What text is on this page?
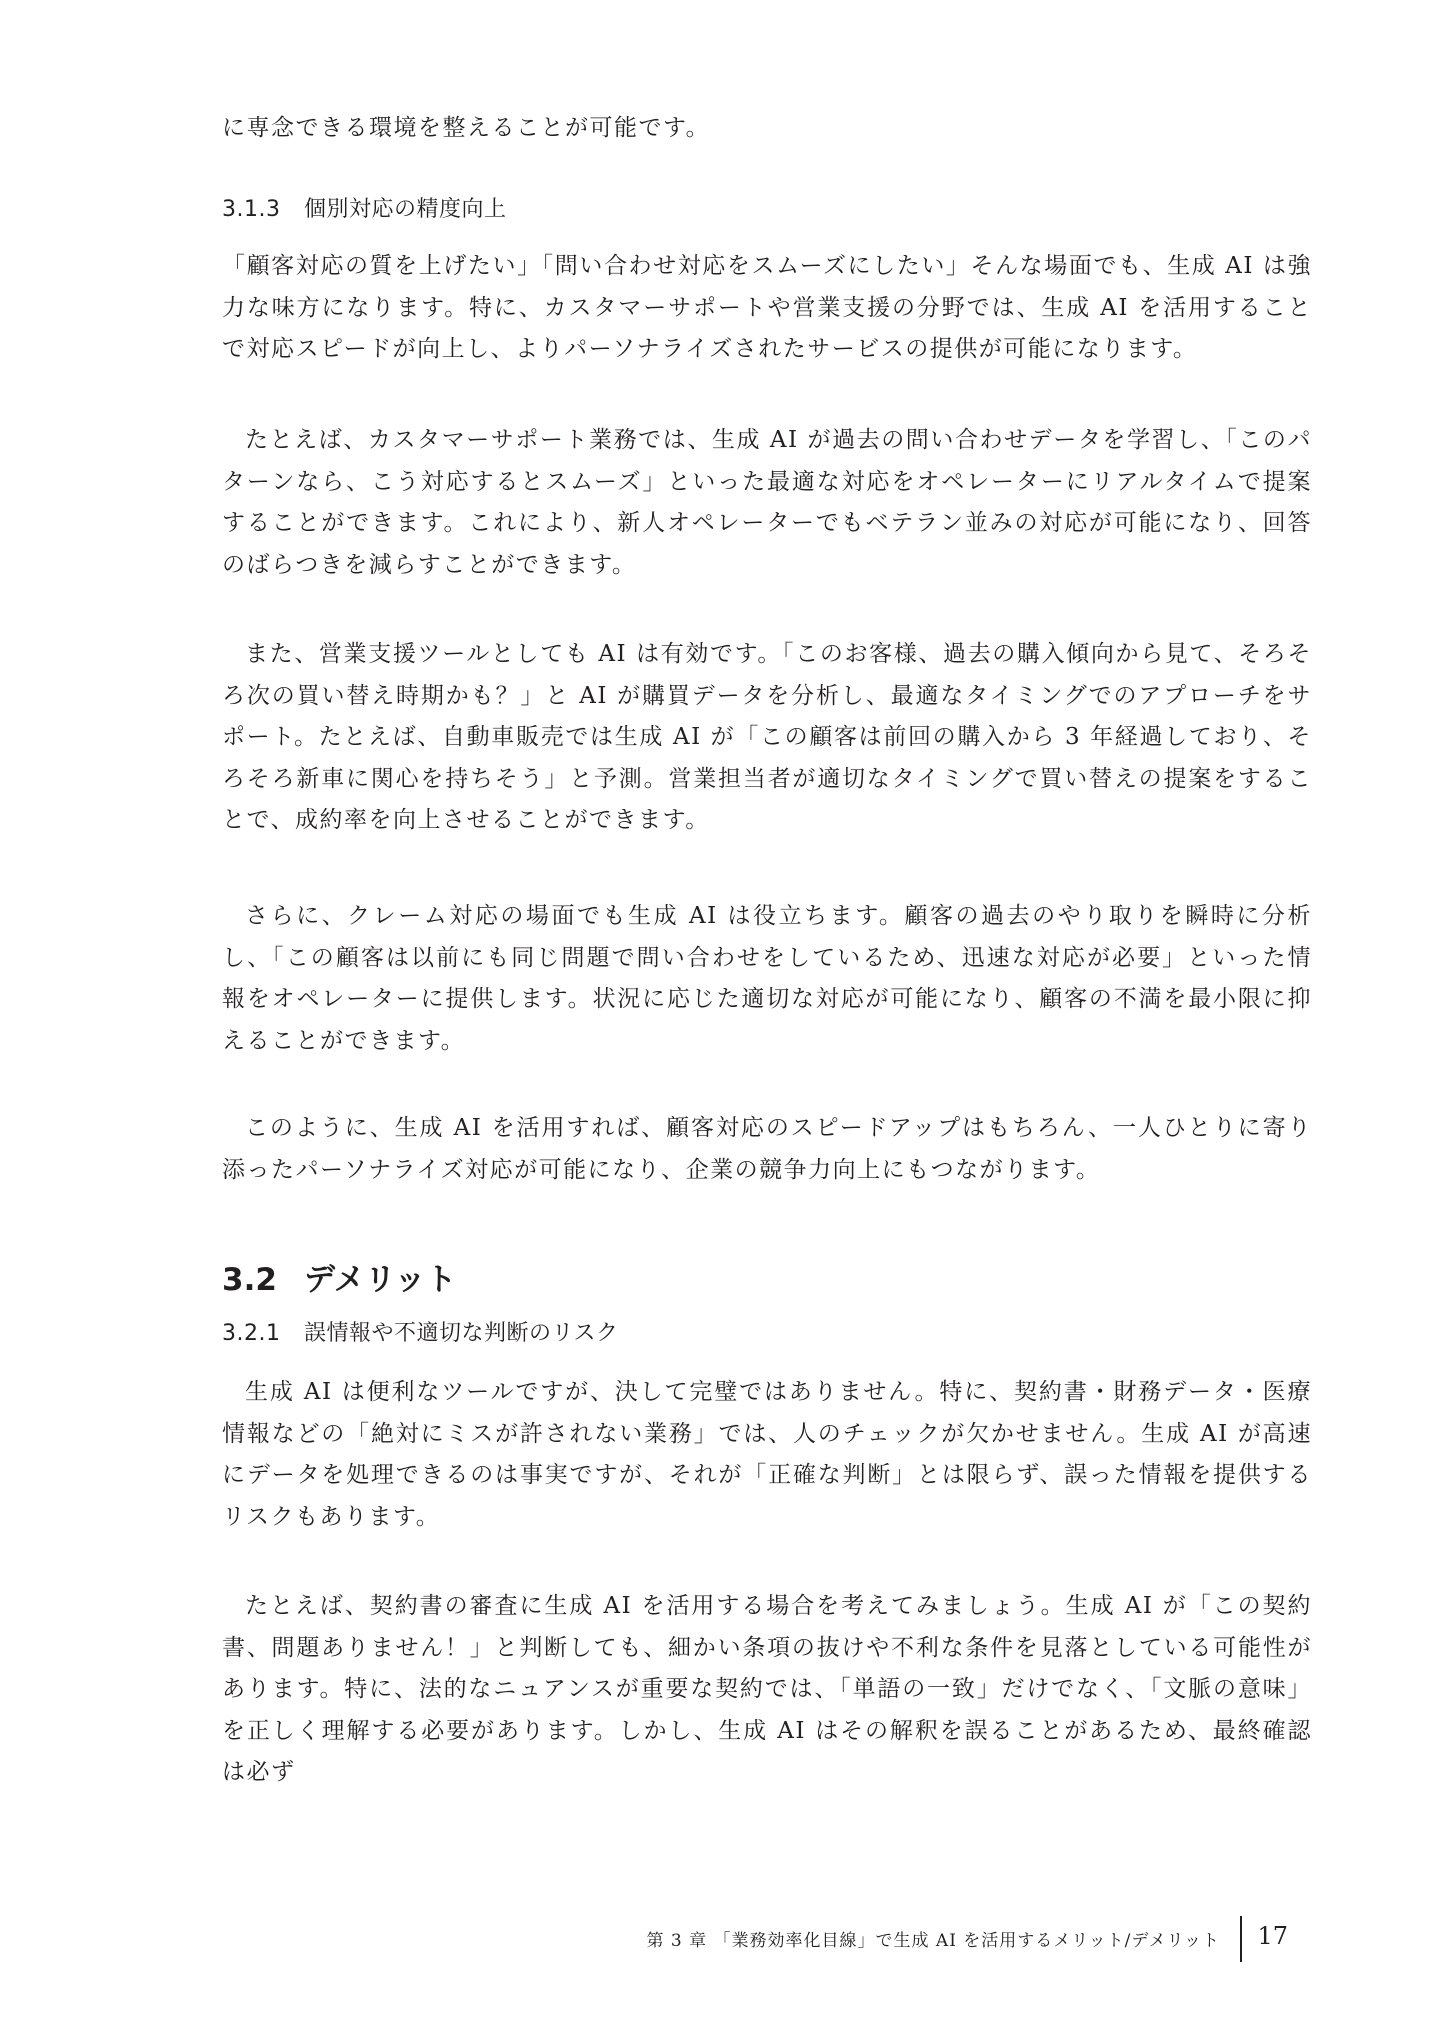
に専念できる環境を整えることが可能です。

3.1.3 個別対応の精度向上

「顧客対応の質を上げたい」「問い合わせ対応をスムーズにしたい」そんな場面でも、生成 AI は強力な味方になります。特に、カスタマーサポートや営業支援の分野では、生成 AI を活用することで対応スピードが向上し、よりパーソナライズされたサービスの提供が可能になります。

たとえば、カスタマーサポート業務では、生成 AI が過去の問い合わせデータを学習し、「このパターンなら、こう対応するとスムーズ」といった最適な対応をオペレーターにリアルタイムで提案することができます。これにより、新人オペレーターでもベテラン並みの対応が可能になり、回答のばらつきを減らすことができます。

また、営業支援ツールとしても AI は有効です。「このお客様、過去の購入傾向から見て、そろそろ次の買い替え時期かも？」と AI が購買データを分析し、最適なタイミングでのアプローチをサポート。たとえば、自動車販売では生成 AI が「この顧客は前回の購入から 3 年経過しており、そろそろ新車に関心を持ちそう」と予測。営業担当者が適切なタイミングで買い替えの提案をすることで、成約率を向上させることができます。

さらに、クレーム対応の場面でも生成 AI は役立ちます。顧客の過去のやり取りを瞬時に分析し、「この顧客は以前にも同じ問題で問い合わせをしているため、迅速な対応が必要」といった情報をオペレーターに提供します。状況に応じた適切な対応が可能になり、顧客の不満を最小限に抑えることができます。

このように、生成 AI を活用すれば、顧客対応のスピードアップはもちろん、一人ひとりに寄り添ったパーソナライズ対応が可能になり、企業の競争力向上にもつながります。

3.2 デメリット
3.2.1 誤情報や不適切な判断のリスク

生成 AI は便利なツールですが、決して完璧ではありません。特に、契約書・財務データ・医療情報などの「絶対にミスが許されない業務」では、人のチェックが欠かせません。生成 AI が高速にデータを処理できるのは事実ですが、それが「正確な判断」とは限らず、誤った情報を提供するリスクもあります。

たとえば、契約書の審査に生成 AI を活用する場合を考えてみましょう。生成 AI が「この契約書、問題ありません！」と判断しても、細かい条項の抜けや不利な条件を見落としている可能性があります。特に、法的なニュアンスが重要な契約では、「単語の一致」だけでなく、「文脈の意味」を正しく理解する必要があります。しかし、生成 AI はその解釈を誤ることがあるため、最終確認は必ず

第 3 章 「業務効率化目線」で生成 AI を活用するメリット/デメリット 17
